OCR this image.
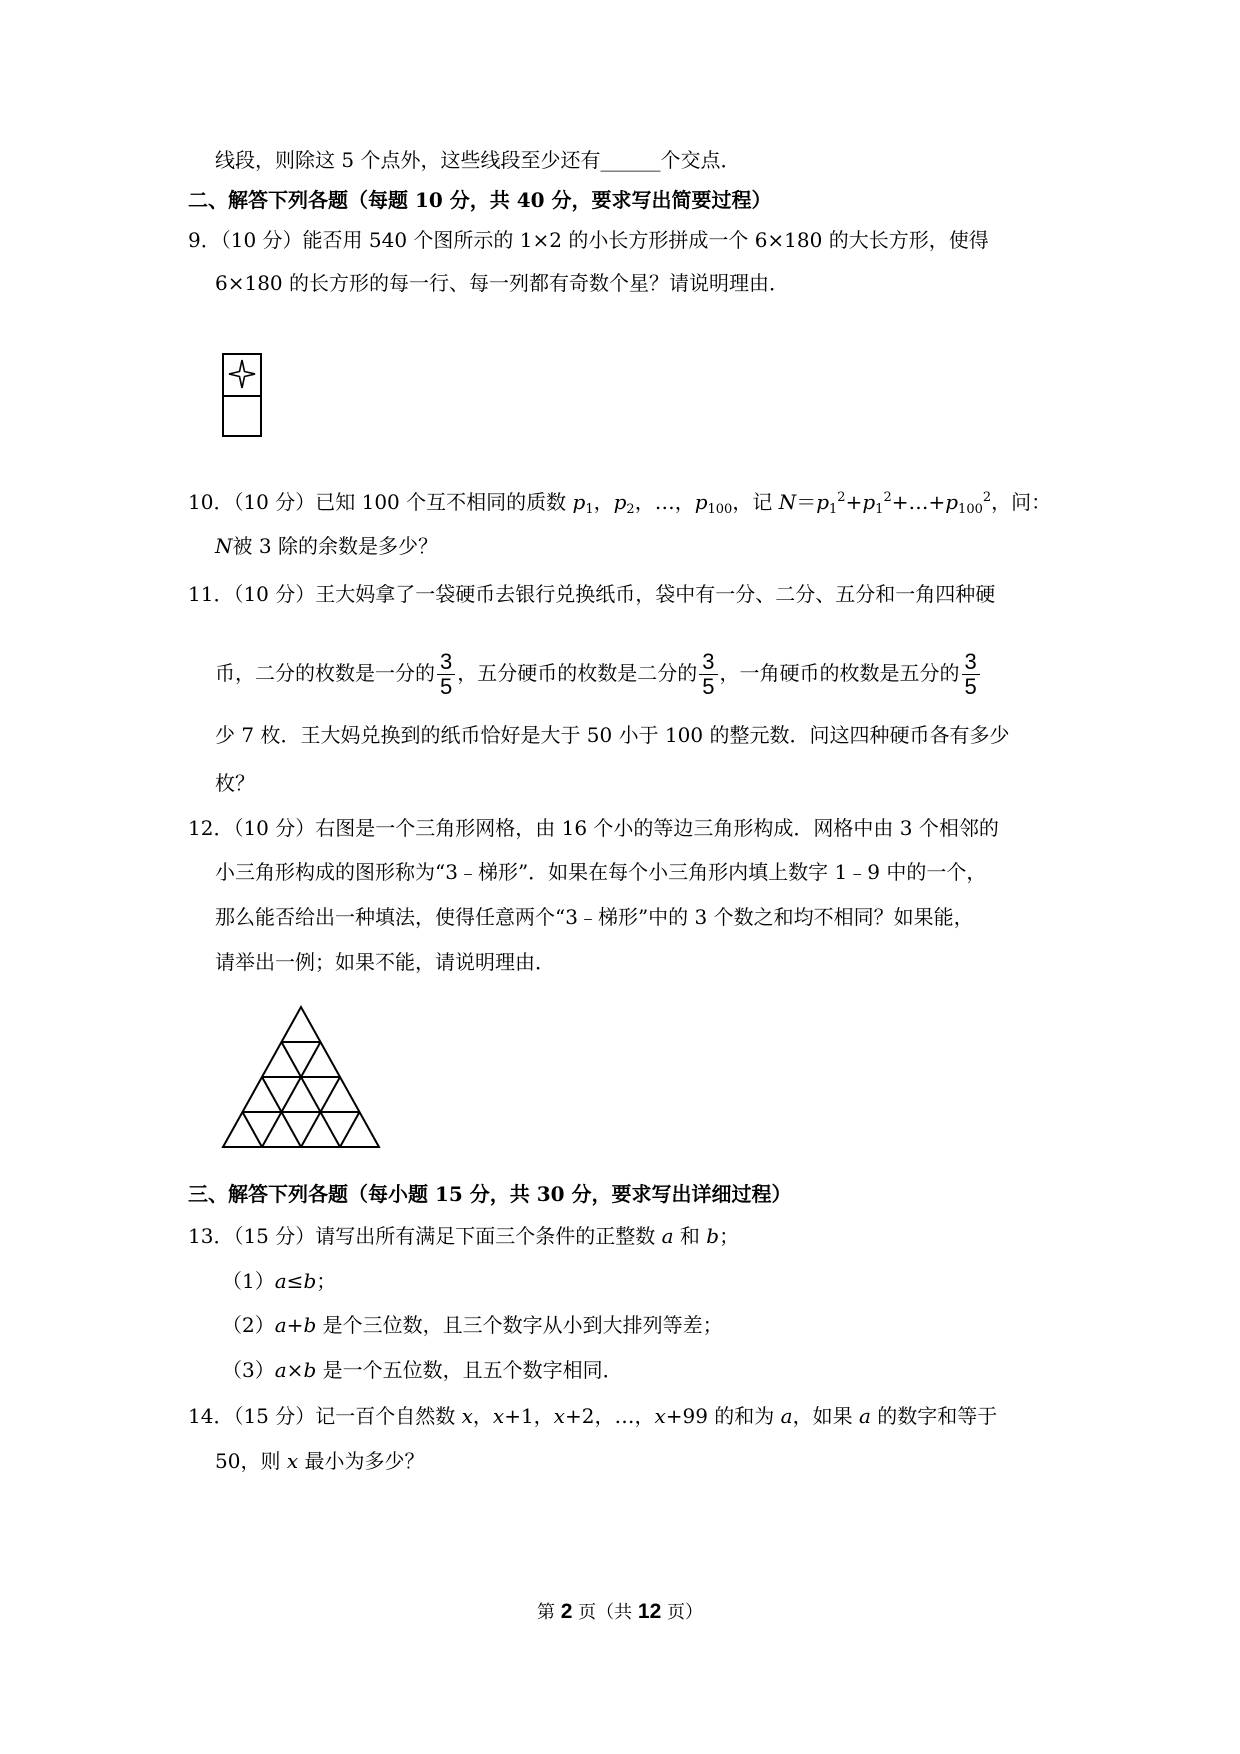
线段，则除这 5 个点外，这些线段至少还有______个交点．
二、解答下列各题（每题 10 分，共 40 分，要求写出简要过程）
9．（10 分）能否用 540 个图所示的 1×2 的小长方形拼成一个 6×180 的大长方形，使得
6×180 的长方形的每一行、每一列都有奇数个星？请说明理由．
10．（10 分）已知 100 个互不相同的质数 $p_1$，$p_2$，…，$p_{100}$，记 $N=p_1^2+p_1^2+\dots+p_{100}^2$，问：
N被 3 除的余数是多少？
11．（10 分）王大妈拿了一袋硬币去银行兑换纸币，袋中有一分、二分、五分和一角四种硬
币，二分的枚数是一分的 $\frac{3}{5}$ ，五分硬币的枚数是二分的 $\frac{3}{5}$ ，一角硬币的枚数是五分的 $\frac{3}{5}$
少 7 枚．王大妈兑换到的纸币恰好是大于 50 小于 100 的整元数．问这四种硬币各有多少
枚？
12．（10 分）右图是一个三角形网格，由 16 个小的等边三角形构成．网格中由 3 个相邻的
小三角形构成的图形称为“3﹣梯形”．如果在每个小三角形内填上数字 1﹣9 中的一个，
那么能否给出一种填法，使得任意两个“3﹣梯形”中的 3 个数之和均不相同？如果能，
请举出一例；如果不能，请说明理由．
三、解答下列各题（每小题 15 分，共 30 分，要求写出详细过程）
13．（15 分）请写出所有满足下面三个条件的正整数 a 和 b；
（1）a≤b；
（2）a+b 是个三位数，且三个数字从小到大排列等差；
（3）a×b 是一个五位数，且五个数字相同．
14．（15 分）记一百个自然数 x，x+1，x+2，…，x+99 的和为 a，如果 a 的数字和等于
50，则 x 最小为多少？
第 2 页（共 12 页）
